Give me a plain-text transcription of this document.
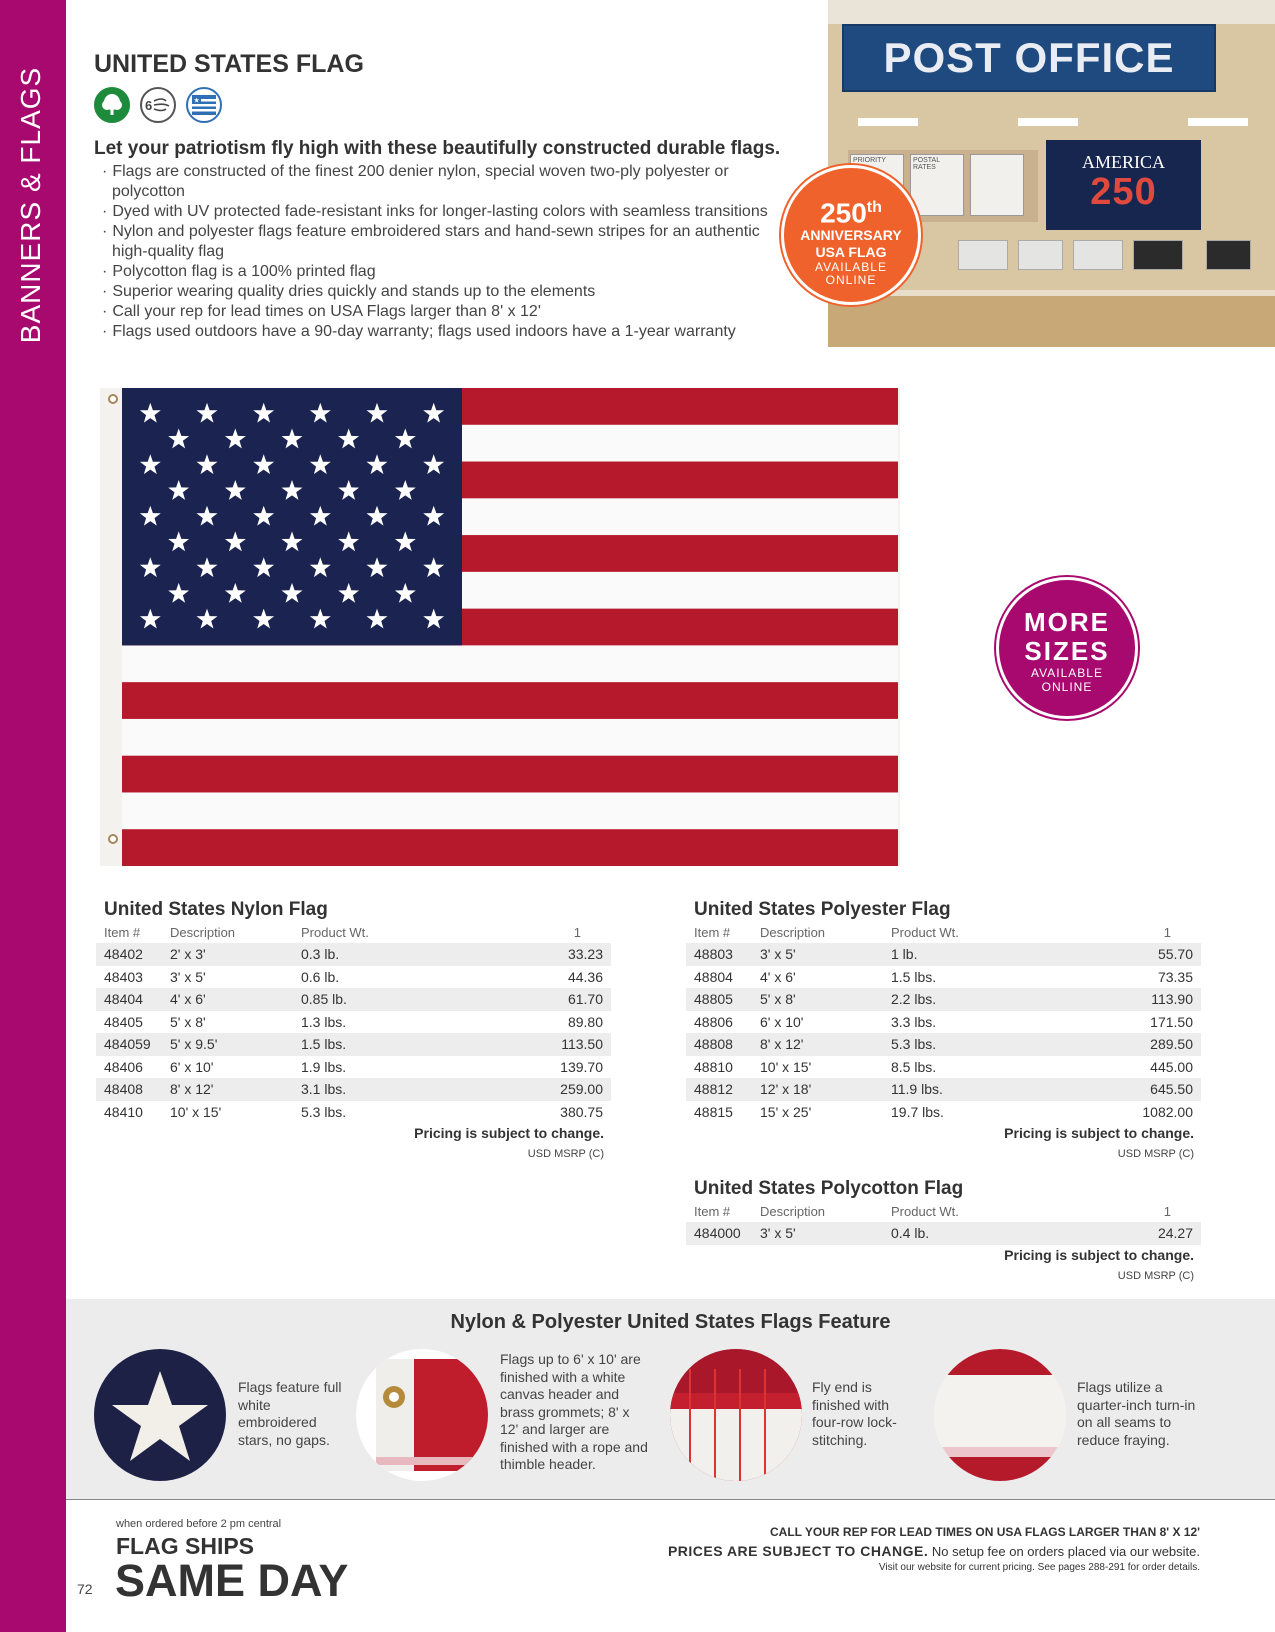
BANNERS & FLAGS
72
UNITED STATES FLAG
6	★
Let your patriotism fly high with these beautifully constructed durable flags.
· Flags are constructed of the finest 200 denier nylon, special woven two-ply polyester or polycotton
· Dyed with UV protected fade-resistant inks for longer-lasting colors with seamless transitions
· Nylon and polyester flags feature embroidered stars and hand-sewn stripes for an authentic high-quality flag
· Polycotton flag is a 100% printed flag
· Superior wearing quality dries quickly and stands up to the elements
· Call your rep for lead times on USA Flags larger than 8' x 12'
· Flags used outdoors have a 90-day warranty; flags used indoors have a 1-year warranty
POST OFFICE
PRIORITY	POSTAL RATES	AMERICA
250
250th
ANNIVERSARY
USA FLAG
AVAILABLE
ONLINE
MORE
SIZES
AVAILABLE
ONLINE
United States Nylon Flag
Item #	Description	Product Wt.	1
48402	2' x 3'	0.3 lb.	33.23
48403	3' x 5'	0.6 lb.	44.36
48404	4' x 6'	0.85 lb.	61.70
48405	5' x 8'	1.3 lbs.	89.80
484059	5' x 9.5'	1.5 lbs.	113.50
48406	6' x 10'	1.9 lbs.	139.70
48408	8' x 12'	3.1 lbs.	259.00
48410	10' x 15'	5.3 lbs.	380.75
Pricing is subject to change.
USD MSRP (C)
United States Polyester Flag
Item #	Description	Product Wt.	1
48803	3' x 5'	1 lb.	55.70
48804	4' x 6'	1.5 lbs.	73.35
48805	5' x 8'	2.2 lbs.	113.90
48806	6' x 10'	3.3 lbs.	171.50
48808	8' x 12'	5.3 lbs.	289.50
48810	10' x 15'	8.5 lbs.	445.00
48812	12' x 18'	11.9 lbs.	645.50
48815	15' x 25'	19.7 lbs.	1082.00
Pricing is subject to change.
USD MSRP (C)
United States Polycotton Flag
Item #	Description	Product Wt.	1
484000	3' x 5'	0.4 lb.	24.27
Pricing is subject to change.
USD MSRP (C)
Nylon & Polyester United States Flags Feature
Flags feature full white embroidered stars, no gaps.
Flags up to 6' x 10' are finished with a white canvas header and brass grommets; 8' x 12' and larger are finished with a rope and thimble header.
Fly end is finished with four-row lock-stitching.
Flags utilize a quarter-inch turn-in on all seams to reduce fraying.
when ordered before 2 pm central
FLAG SHIPS
SAME DAY
CALL YOUR REP FOR LEAD TIMES ON USA FLAGS LARGER THAN 8' X 12'
PRICES ARE SUBJECT TO CHANGE. No setup fee on orders placed via our website.
Visit our website for current pricing. See pages 288-291 for order details.
